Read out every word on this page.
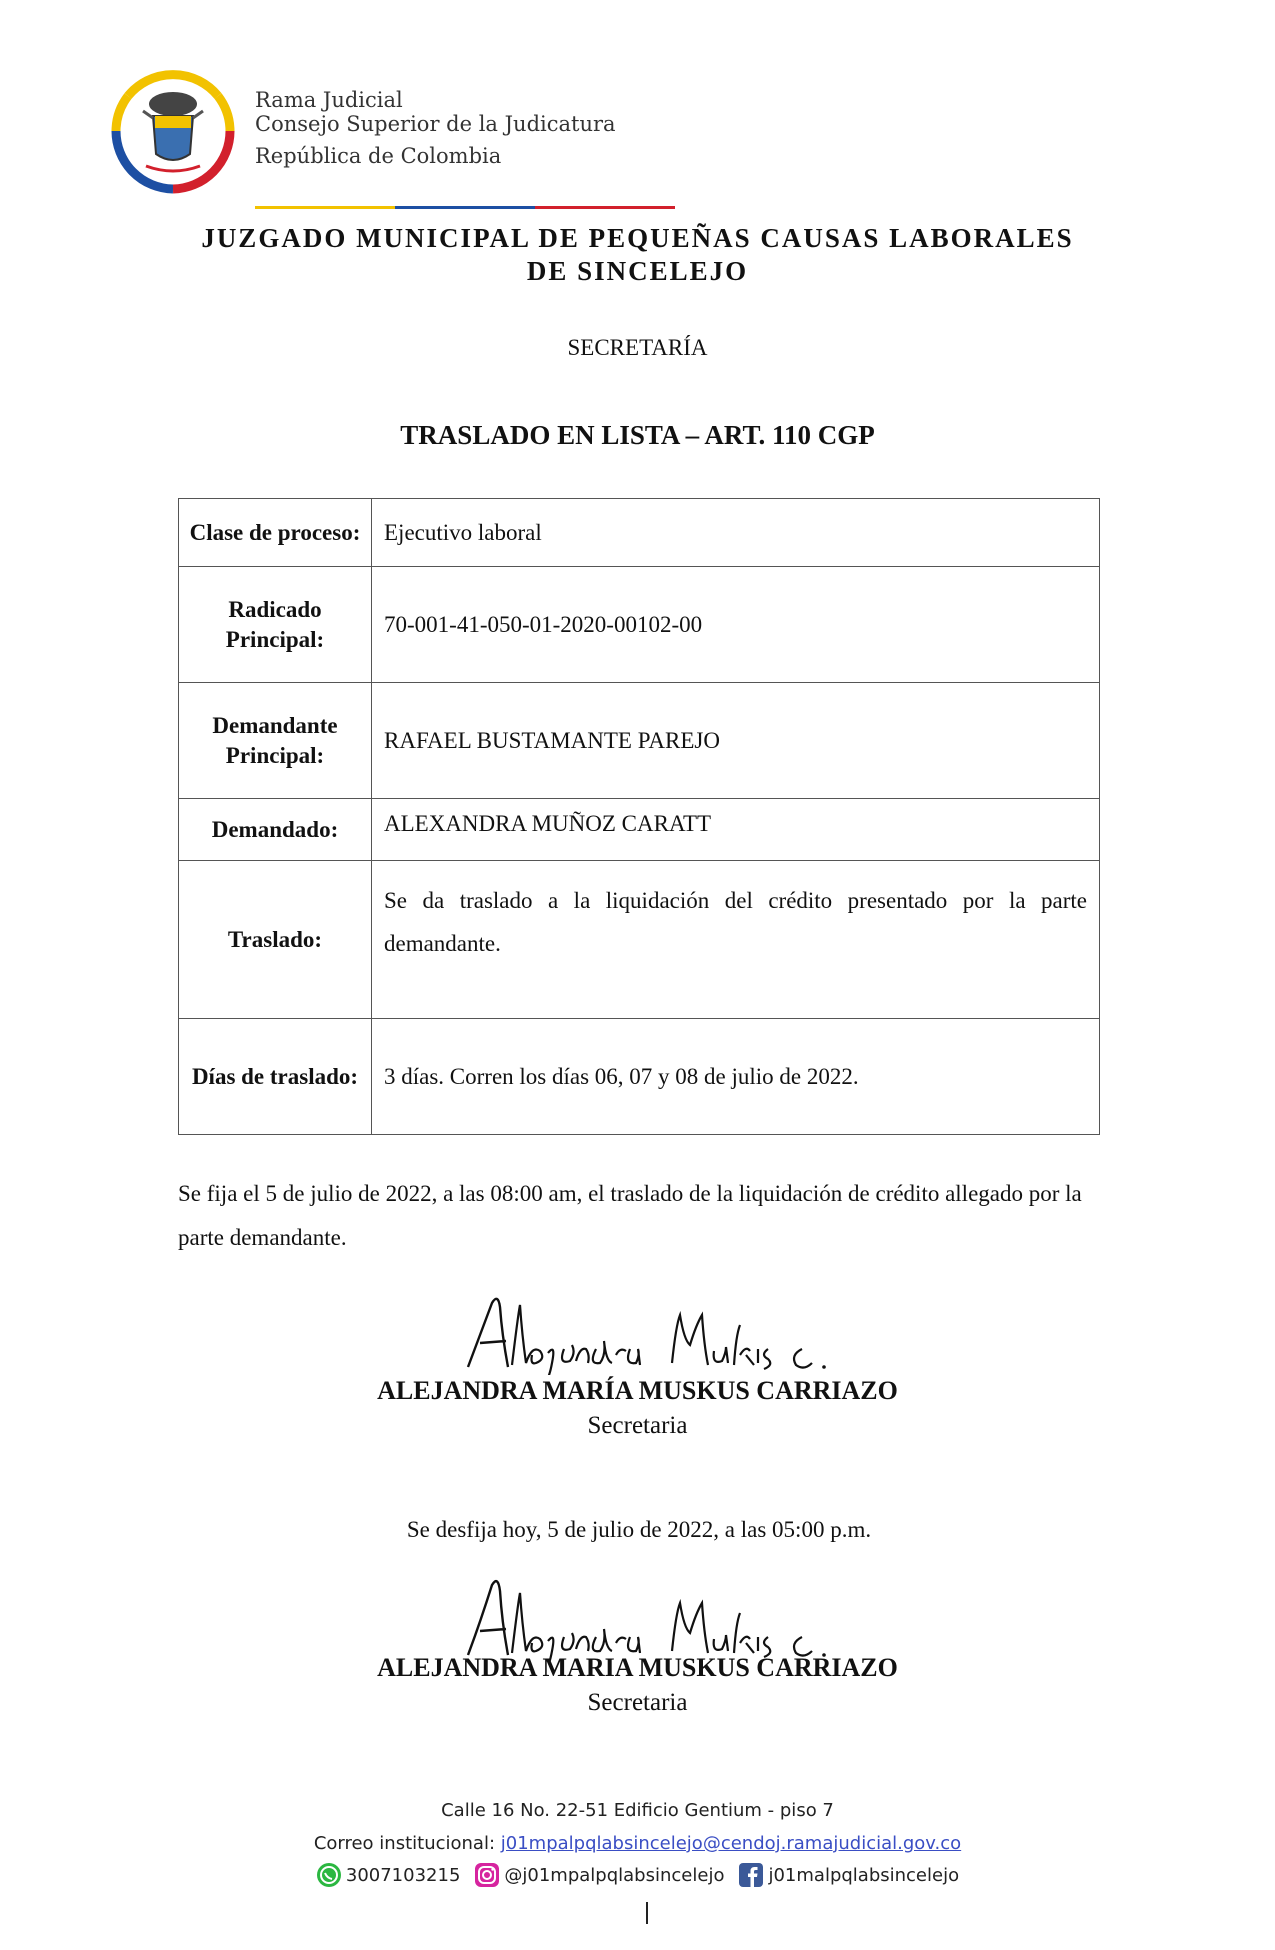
Rama Judicial
Consejo Superior de la Judicatura
República de Colombia
JUZGADO MUNICIPAL DE PEQUEÑAS CAUSAS LABORALES
DE SINCELEJO
SECRETARÍA
TRASLADO EN LISTA – ART. 110 CGP
Clase de proceso:	Ejecutivo laboral
Radicado Principal:	70-001-41-050-01-2020-00102-00
Demandante Principal:	RAFAEL BUSTAMANTE PAREJO
Demandado:	ALEXANDRA MUÑOZ CARATT
Traslado:	Se da traslado a la liquidación del crédito presentado por la parte demandante.
Días de traslado:	3 días. Corren los días 06, 07 y 08 de julio de 2022.
Se fija el 5 de julio de 2022, a las 08:00 am, el traslado de la liquidación de crédito allegado por la parte demandante.
ALEJANDRA MARÍA MUSKUS CARRIAZO
Secretaria
Se desfija hoy, 5 de julio de 2022, a las 05:00 p.m.
ALEJANDRA MARIA MUSKUS CARRIAZO
Secretaria
Calle 16 No. 22-51 Edificio Gentium - piso 7
Correo institucional: j01mpalpqlabsincelejo@cendoj.ramajudicial.gov.co
3007103215 @j01mpalpqlabsincelejo j01malpqlabsincelejo
